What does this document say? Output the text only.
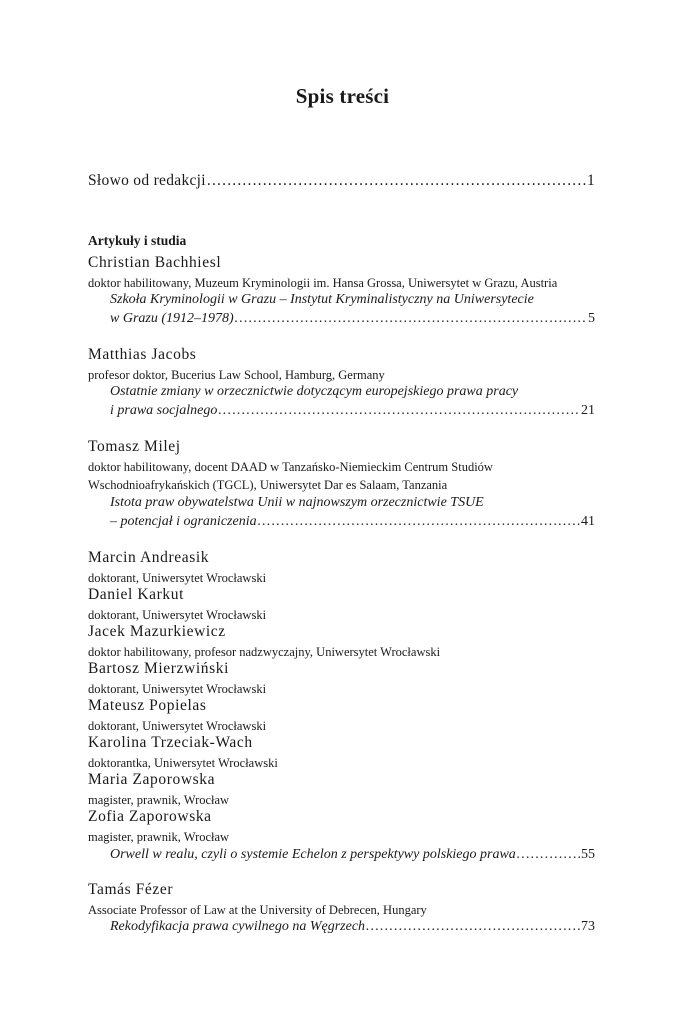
Spis treści
Słowo od redakcji .....	1
Artykuły i studia
Christian Bachhiesl
doktor habilitowany, Muzeum Kryminologii im. Hansa Grossa, Uniwersytet w Grazu, Austria
Szkoła Kryminologii w Grazu – Instytut Kryminalistyczny na Uniwersytecie
w Grazu (1912–1978) .....	5
Matthias Jacobs
profesor doktor, Bucerius Law School, Hamburg, Germany
Ostatnie zmiany w orzecznictwie dotyczącym europejskiego prawa pracy
i prawa socjalnego .....	21
Tomasz Milej
doktor habilitowany, docent DAAD w Tanzańsko-Niemieckim Centrum Studiów
Wschodnioafrykańskich (TGCL), Uniwersytet Dar es Salaam, Tanzania
Istota praw obywatelstwa Unii w najnowszym orzecznictwie TSUE
– potencjał i ograniczenia .....	41
Marcin Andreasik
doktorant, Uniwersytet Wrocławski
Daniel Karkut
doktorant, Uniwersytet Wrocławski
Jacek Mazurkiewicz
doktor habilitowany, profesor nadzwyczajny, Uniwersytet Wrocławski
Bartosz Mierzwiński
doktorant, Uniwersytet Wrocławski
Mateusz Popielas
doktorant, Uniwersytet Wrocławski
Karolina Trzeciak-Wach
doktorantka, Uniwersytet Wrocławski
Maria Zaporowska
magister, prawnik, Wrocław
Zofia Zaporowska
magister, prawnik, Wrocław
Orwell w realu, czyli o systemie Echelon z perspektywy polskiego prawa .....	55
Tamás Fézer
Associate Professor of Law at the University of Debrecen, Hungary
Rekodyfikacja prawa cywilnego na Węgrzech .....	73
